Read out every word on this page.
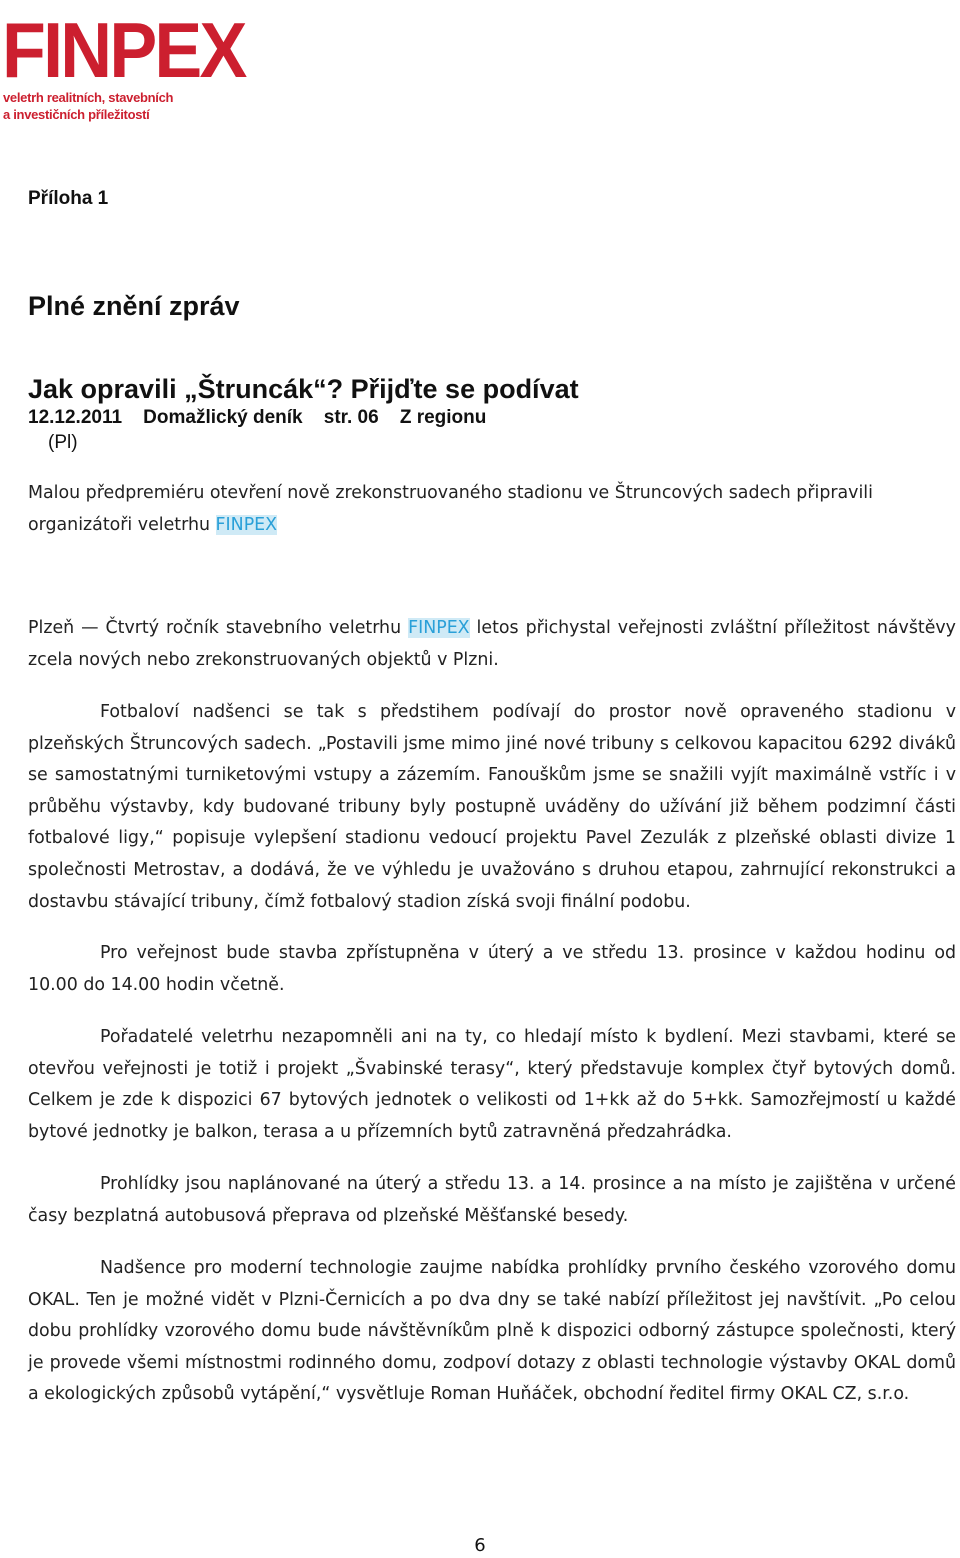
FINPEX
veletrh realitních, stavebních
a investičních příležitostí
Příloha 1
Plné znění zpráv
Jak opravili „Štruncák“? Přijďte se podívat
12.12.2011 Domažlický deník str. 06 Z regionu
(Pl)
Malou předpremiéru otevření nově zrekonstruovaného stadionu ve Štruncových sadech připravili organizátoři veletrhu FINPEX
Plzeň — Čtvrtý ročník stavebního veletrhu FINPEX letos přichystal veřejnosti zvláštní příležitost návštěvy zcela nových nebo zrekonstruovaných objektů v Plzni.
Fotbaloví nadšenci se tak s předstihem podívají do prostor nově opraveného stadionu v plzeňských Štruncových sadech. „Postavili jsme mimo jiné nové tribuny s celkovou kapacitou 6292 diváků se samostatnými turniketovými vstupy a zázemím. Fanouškům jsme se snažili vyjít maximálně vstříc i v průběhu výstavby, kdy budované tribuny byly postupně uváděny do užívání již během podzimní části fotbalové ligy,“ popisuje vylepšení stadionu vedoucí projektu Pavel Zezulák z plzeňské oblasti divize 1 společnosti Metrostav, a dodává, že ve výhledu je uvažováno s druhou etapou, zahrnující rekonstrukci a dostavbu stávající tribuny, čímž fotbalový stadion získá svoji finální podobu.
Pro veřejnost bude stavba zpřístupněna v úterý a ve středu 13. prosince v každou hodinu od 10.00 do 14.00 hodin včetně.
Pořadatelé veletrhu nezapomněli ani na ty, co hledají místo k bydlení. Mezi stavbami, které se otevřou veřejnosti je totiž i projekt „Švabinské terasy“, který představuje komplex čtyř bytových domů. Celkem je zde k dispozici 67 bytových jednotek o velikosti od 1+kk až do 5+kk. Samozřejmostí u každé bytové jednotky je balkon, terasa a u přízemních bytů zatravněná předzahrádka.
Prohlídky jsou naplánované na úterý a středu 13. a 14. prosince a na místo je zajištěna v určené časy bezplatná autobusová přeprava od plzeňské Měšťanské besedy.
Nadšence pro moderní technologie zaujme nabídka prohlídky prvního českého vzorového domu OKAL. Ten je možné vidět v Plzni-Černicích a po dva dny se také nabízí příležitost jej navštívit. „Po celou dobu prohlídky vzorového domu bude návštěvníkům plně k dispozici odborný zástupce společnosti, který je provede všemi místnostmi rodinného domu, zodpoví dotazy z oblasti technologie výstavby OKAL domů a ekologických způsobů vytápění,“ vysvětluje Roman Huňáček, obchodní ředitel firmy OKAL CZ, s.r.o.
6
